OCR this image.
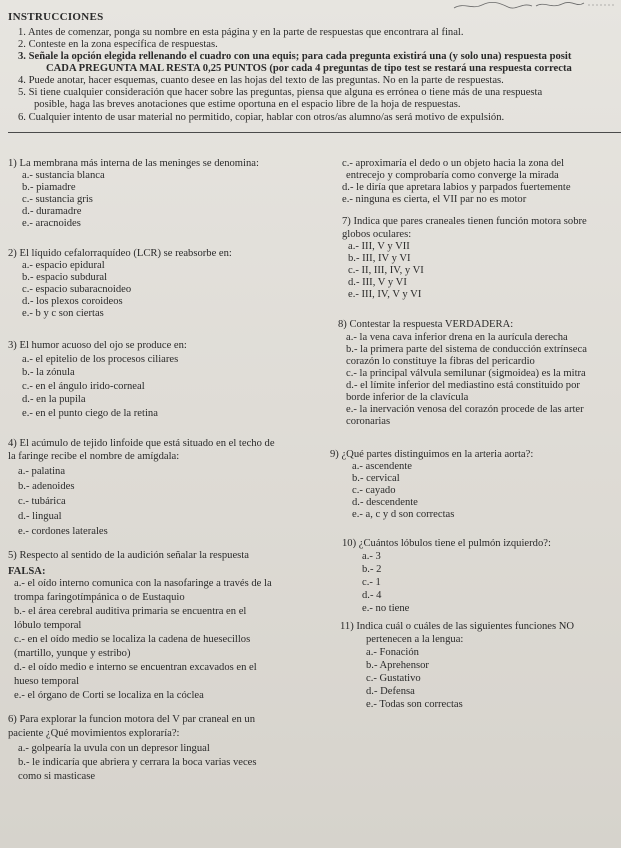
INSTRUCCIONES
1. Antes de comenzar, ponga su nombre en esta página y en la parte de respuestas que encontrara al final.
2. Conteste en la zona específica de respuestas.
3. Señale la opción elegida rellenando el cuadro con una equis; para cada pregunta existirá una (y solo una) respuesta posit
CADA PREGUNTA MAL RESTA 0,25 PUNTOS (por cada 4 preguntas de tipo test se restará una respuesta correcta
4. Puede anotar, hacer esquemas, cuanto desee en las hojas del texto de las preguntas. No en la parte de respuestas.
5. Si tiene cualquier consideración que hacer sobre las preguntas, piensa que alguna es errónea o tiene más de una respuesta
posible, haga las breves anotaciones que estime oportuna en el espacio libre de la hoja de respuestas.
6. Cualquier intento de usar material no permitido, copiar, hablar con otros/as alumno/as será motivo de expulsión.
1) La membrana más interna de las meninges se denomina:
a.- sustancia blanca
b.- piamadre
c.- sustancia gris
d.- duramadre
e.- aracnoides
2) El líquido cefalorraquídeo (LCR) se reabsorbe en:
a.- espacio epidural
b.- espacio subdural
c.- espacio subaracnoideo
d.- los plexos coroideos
e.- b y c son ciertas
3) El humor acuoso del ojo se produce en:
a.- el epitelio de los procesos ciliares
b.- la zónula
c.- en el ángulo irido-corneal
d.- en la pupila
e.- en el punto ciego de la retina
4) El acúmulo de tejido linfoide que está situado en el techo de
la faringe recibe el nombre de amígdala:
a.- palatina
b.- adenoides
c.- tubárica
d.- lingual
e.- cordones laterales
5) Respecto al sentido de la audición señalar la respuesta
FALSA:
a.- el oído interno comunica con la nasofaringe a través de la
trompa faringotímpánica o de Eustaquio
b.- el área cerebral auditiva primaria se encuentra en el
lóbulo temporal
c.- en el oído medio se localiza la cadena de huesecillos
(martillo, yunque y estribo)
d.- el oído medio e interno se encuentran excavados en el
hueso temporal
e.- el órgano de Corti se localiza en la cóclea
6) Para explorar la funcion motora del V par craneal en un
paciente ¿Qué movimientos exploraría?:
a.- golpearía la uvula con un depresor lingual
b.- le indicaría que abriera y cerrara la boca varias veces
como si masticase
c.- aproximaría el dedo o un objeto hacia la zona del
entrecejo y comprobaría como converge la mirada
d.- le diría que apretara labios y parpados fuertemente
e.- ninguna es cierta, el VII par no es motor
7) Indica que pares craneales tienen función motora sobre
globos oculares:
a.- III, V y VII
b.- III, IV y VI
c.- II, III, IV, y VI
d.- III, V y VI
e.- III, IV, V y VI
8) Contestar la respuesta VERDADERA:
a.- la vena cava inferior drena en la aurícula derecha
b.- la primera parte del sistema de conducción extrínseca
corazón lo constituye la fibras del pericardio
c.- la principal válvula semilunar (sigmoidea) es la mitra
d.- el límite inferior del mediastino está constituido por
borde inferior de la clavícula
e.- la inervación venosa del corazón procede de las arter
coronarias
9) ¿Qué partes distinguimos en la arteria aorta?:
a.- ascendente
b.- cervical
c.- cayado
d.- descendente
e.- a, c y d son correctas
10) ¿Cuántos lóbulos tiene el pulmón izquierdo?:
a.- 3
b.- 2
c.- 1
d.- 4
e.- no tiene
11) Indica cuál o cuáles de las siguientes funciones NO
pertenecen a la lengua:
a.- Fonación
b.- Aprehensor
c.- Gustativo
d.- Defensa
e.- Todas son correctas
